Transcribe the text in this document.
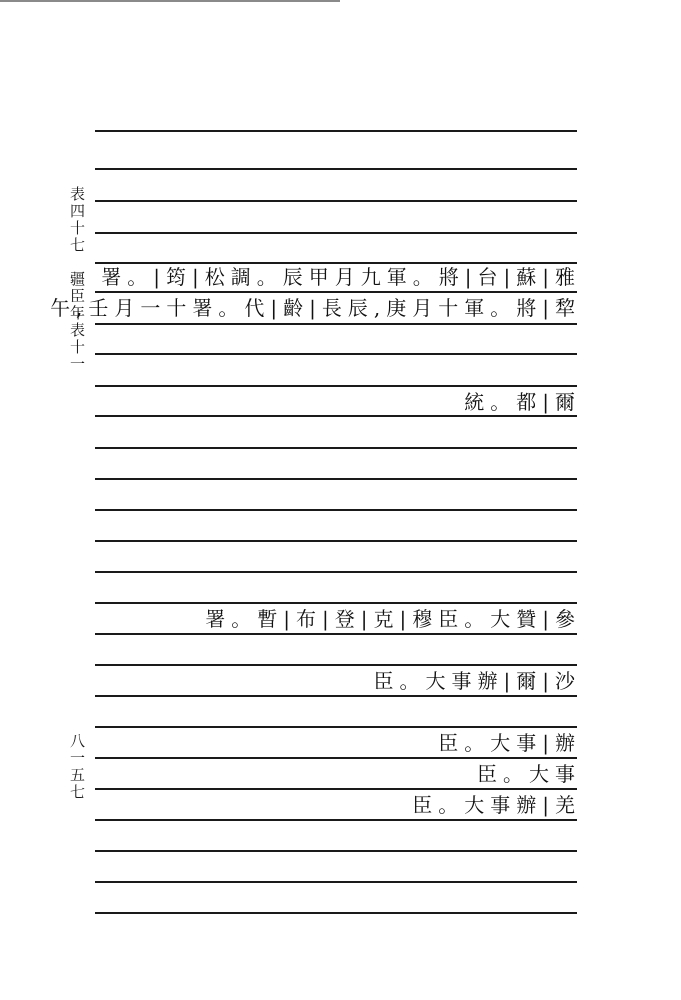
表四十七　疆臣年表十一
八一五七
署。|筠|松調。辰甲月九軍。將|台|蘇|雅
午,壬月一十署。代|齡|長辰,庚月十軍。將|犂
統。都|爾
署。暫|布|登|克|穆臣。大贊|參
臣。大事辦|爾|沙
臣。大事|辦
臣。大事
臣。大事辦|羌
